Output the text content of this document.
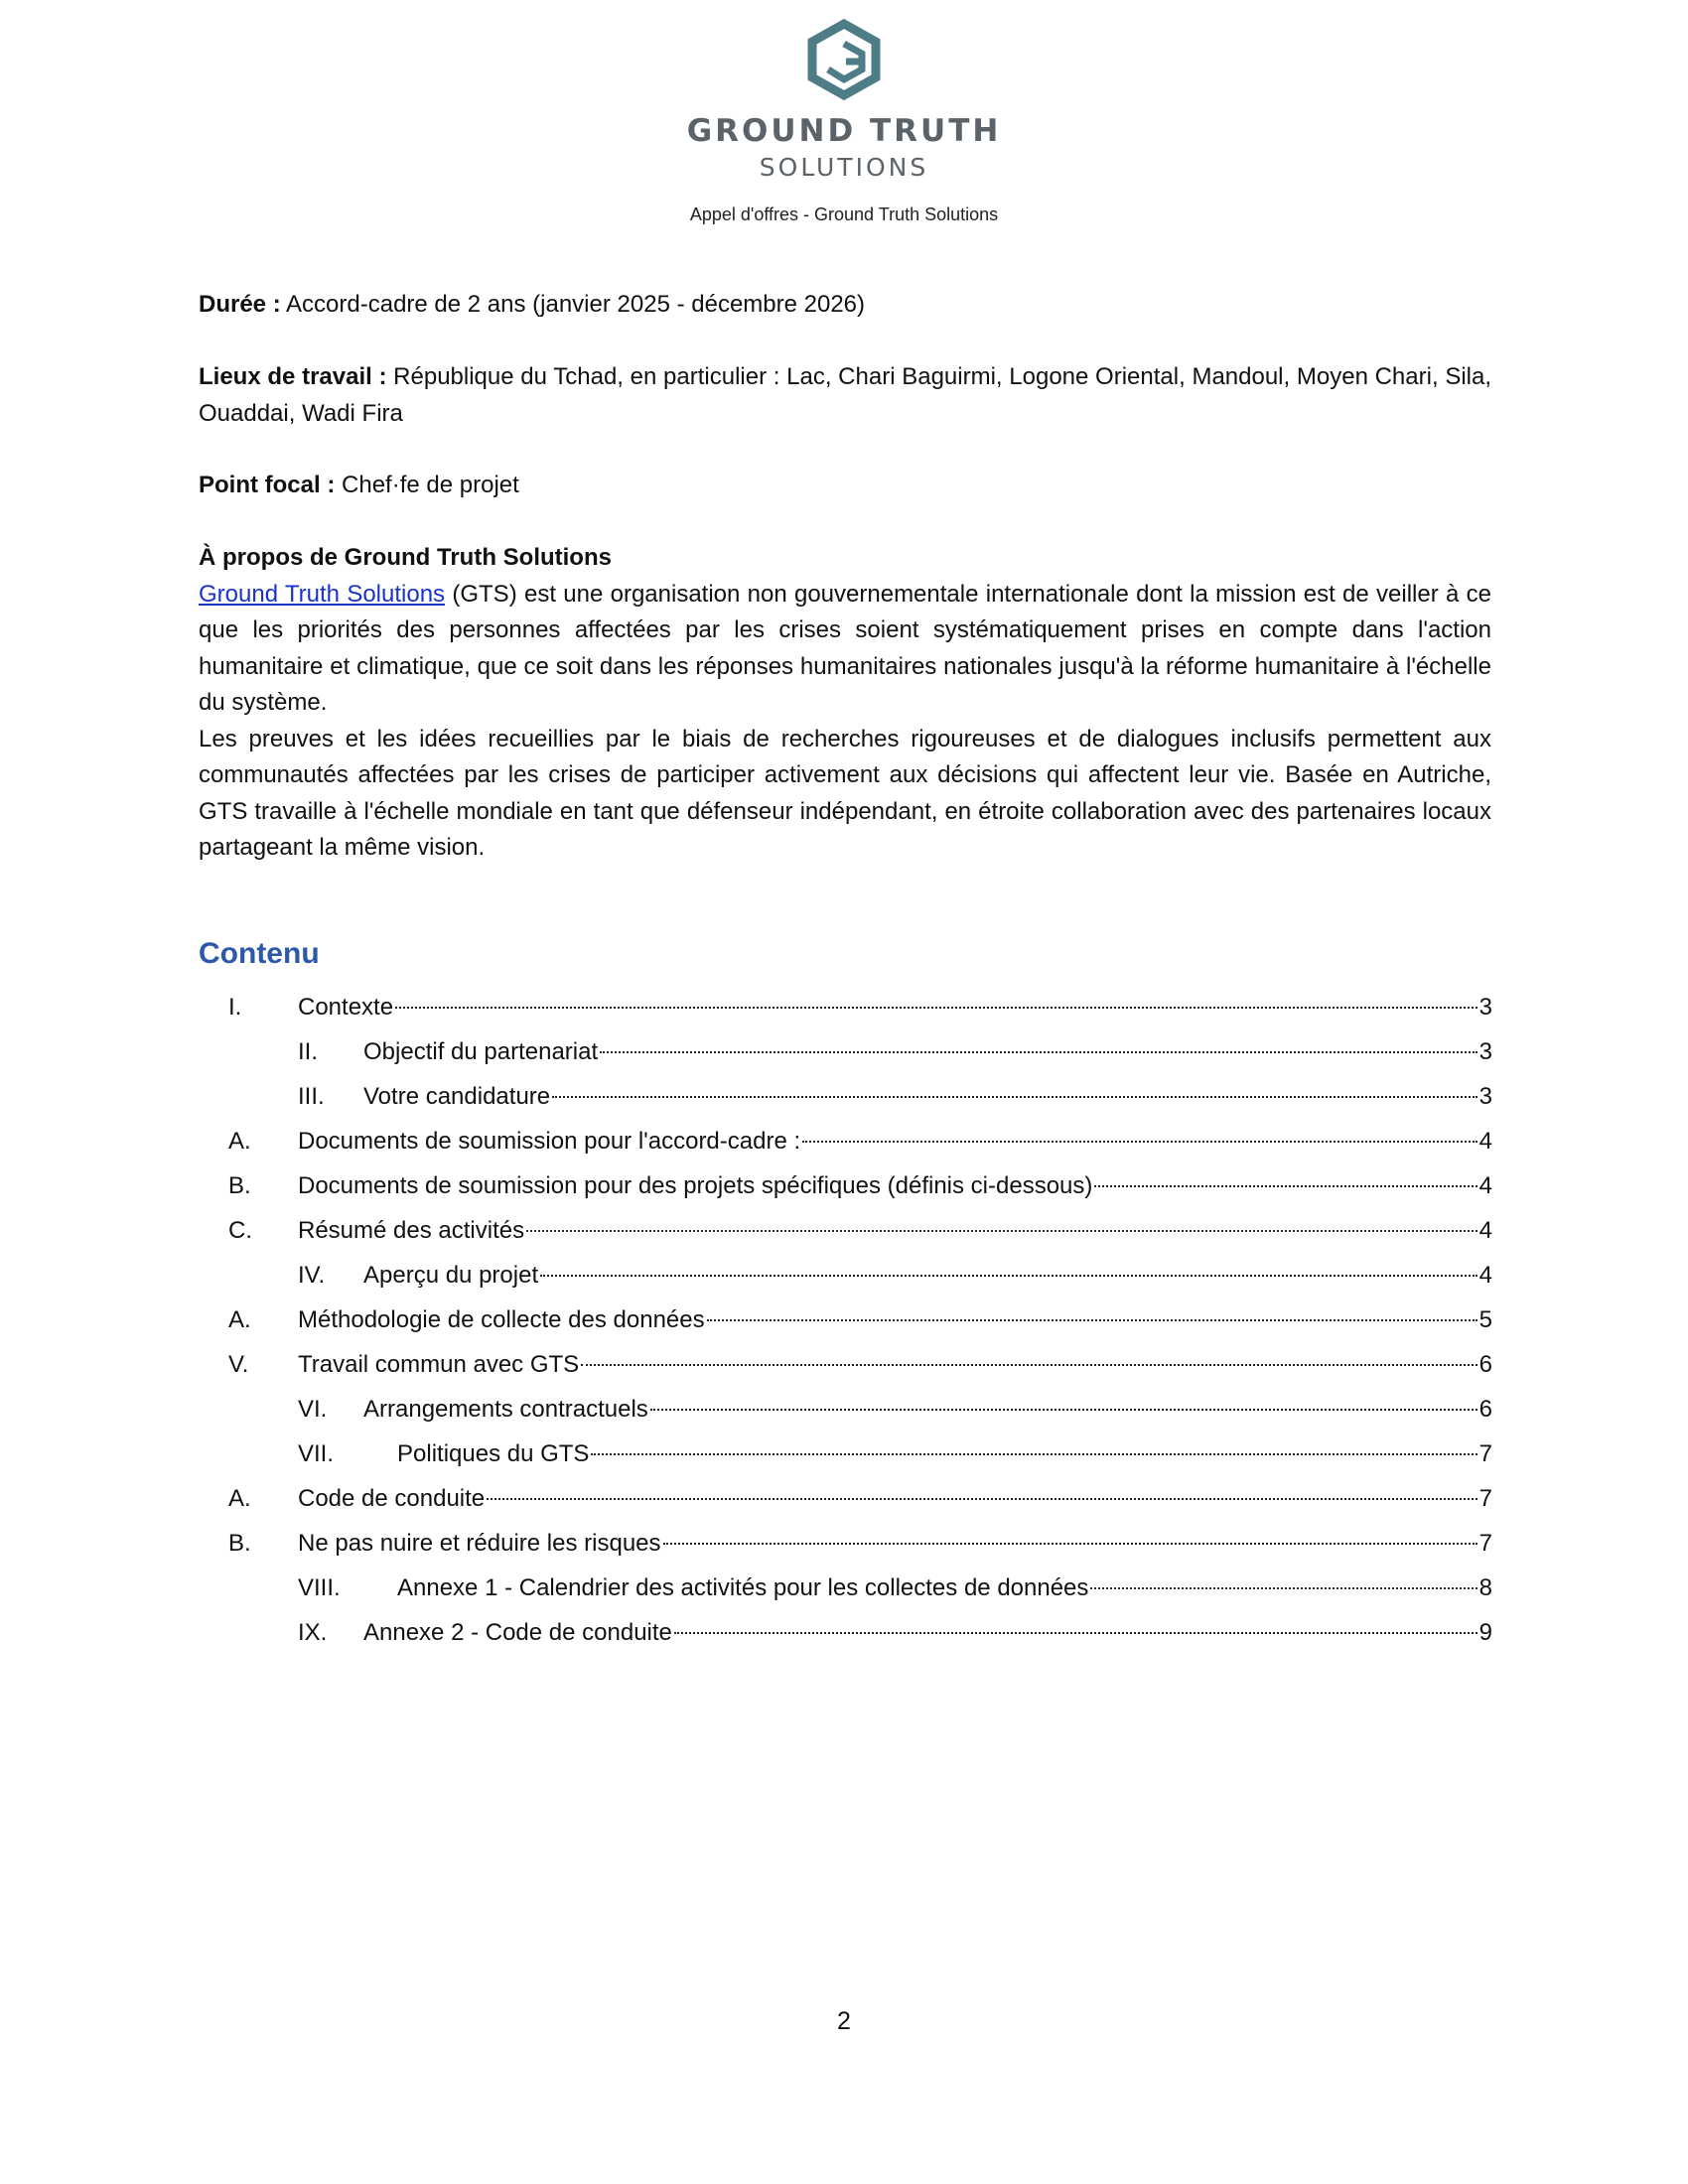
GROUND TRUTH
SOLUTIONS
Appel d'offres - Ground Truth Solutions
Durée : Accord-cadre de 2 ans (janvier 2025 - décembre 2026)
Lieux de travail : République du Tchad, en particulier : Lac, Chari Baguirmi, Logone Oriental, Mandoul, Moyen Chari, Sila, Ouaddai, Wadi Fira
Point focal : Chef·fe de projet
À propos de Ground Truth Solutions
Ground Truth Solutions (GTS) est une organisation non gouvernementale internationale dont la mission est de veiller à ce que les priorités des personnes affectées par les crises soient systématiquement prises en compte dans l'action humanitaire et climatique, que ce soit dans les réponses humanitaires nationales jusqu'à la réforme humanitaire à l'échelle du système.
Les preuves et les idées recueillies par le biais de recherches rigoureuses et de dialogues inclusifs permettent aux communautés affectées par les crises de participer activement aux décisions qui affectent leur vie. Basée en Autriche, GTS travaille à l'échelle mondiale en tant que défenseur indépendant, en étroite collaboration avec des partenaires locaux partageant la même vision.
Contenu
I.	Contexte	3
II.	Objectif du partenariat	3
III.	Votre candidature	3
A.	Documents de soumission pour l'accord-cadre :	4
B.	Documents de soumission pour des projets spécifiques (définis ci-dessous)	4
C.	Résumé des activités	4
IV.	Aperçu du projet	4
A.	Méthodologie de collecte des données	5
V.	Travail commun avec GTS	6
VI.	Arrangements contractuels	6
VII.	Politiques du GTS	7
A.	Code de conduite	7
B.	Ne pas nuire et réduire les risques	7
VIII.	Annexe 1 - Calendrier des activités pour les collectes de données	8
IX.	Annexe 2 - Code de conduite	9
2
